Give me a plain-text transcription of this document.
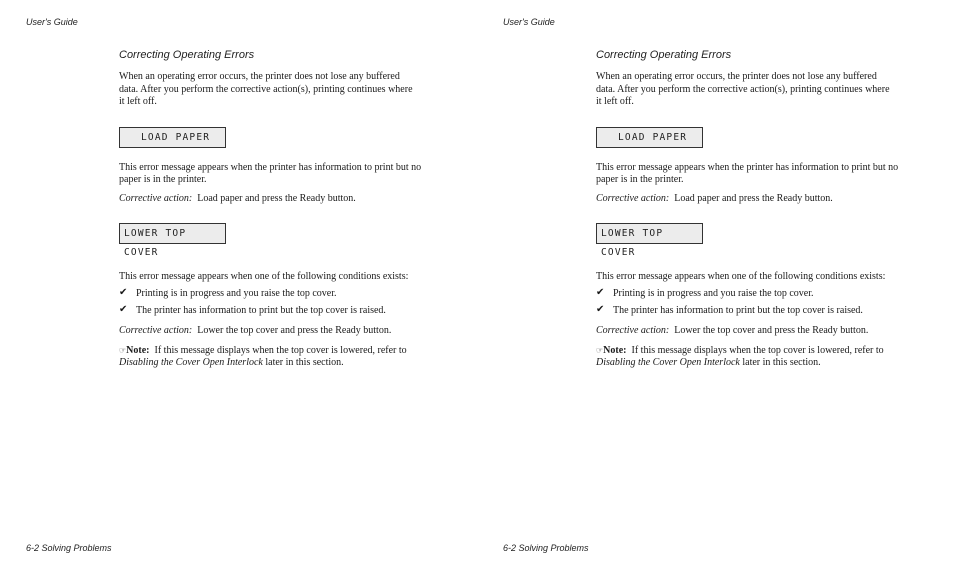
User's Guide
Correcting Operating Errors

When an operating error occurs, the printer does not lose any buffered data. After you perform the corrective action(s), printing continues where it left off.

LOAD PAPER

This error message appears when the printer has information to print but no paper is in the printer.

Corrective action: Load paper and press the Ready button.

LOWER TOP COVER

This error message appears when one of the following conditions exists:

✔ Printing is in progress and you raise the top cover.
✔ The printer has information to print but the top cover is raised.

Corrective action: Lower the top cover and press the Ready button.

☞Note: If this message displays when the top cover is lowered, refer to Disabling the Cover Open Interlock later in this section.

6-2 Solving Problems
User's Guide
Correcting Operating Errors

When an operating error occurs, the printer does not lose any buffered data. After you perform the corrective action(s), printing continues where it left off.

LOAD PAPER

This error message appears when the printer has information to print but no paper is in the printer.

Corrective action: Load paper and press the Ready button.

LOWER TOP COVER

This error message appears when one of the following conditions exists:

✔ Printing is in progress and you raise the top cover.
✔ The printer has information to print but the top cover is raised.

Corrective action: Lower the top cover and press the Ready button.

☞Note: If this message displays when the top cover is lowered, refer to Disabling the Cover Open Interlock later in this section.

6-2 Solving Problems
